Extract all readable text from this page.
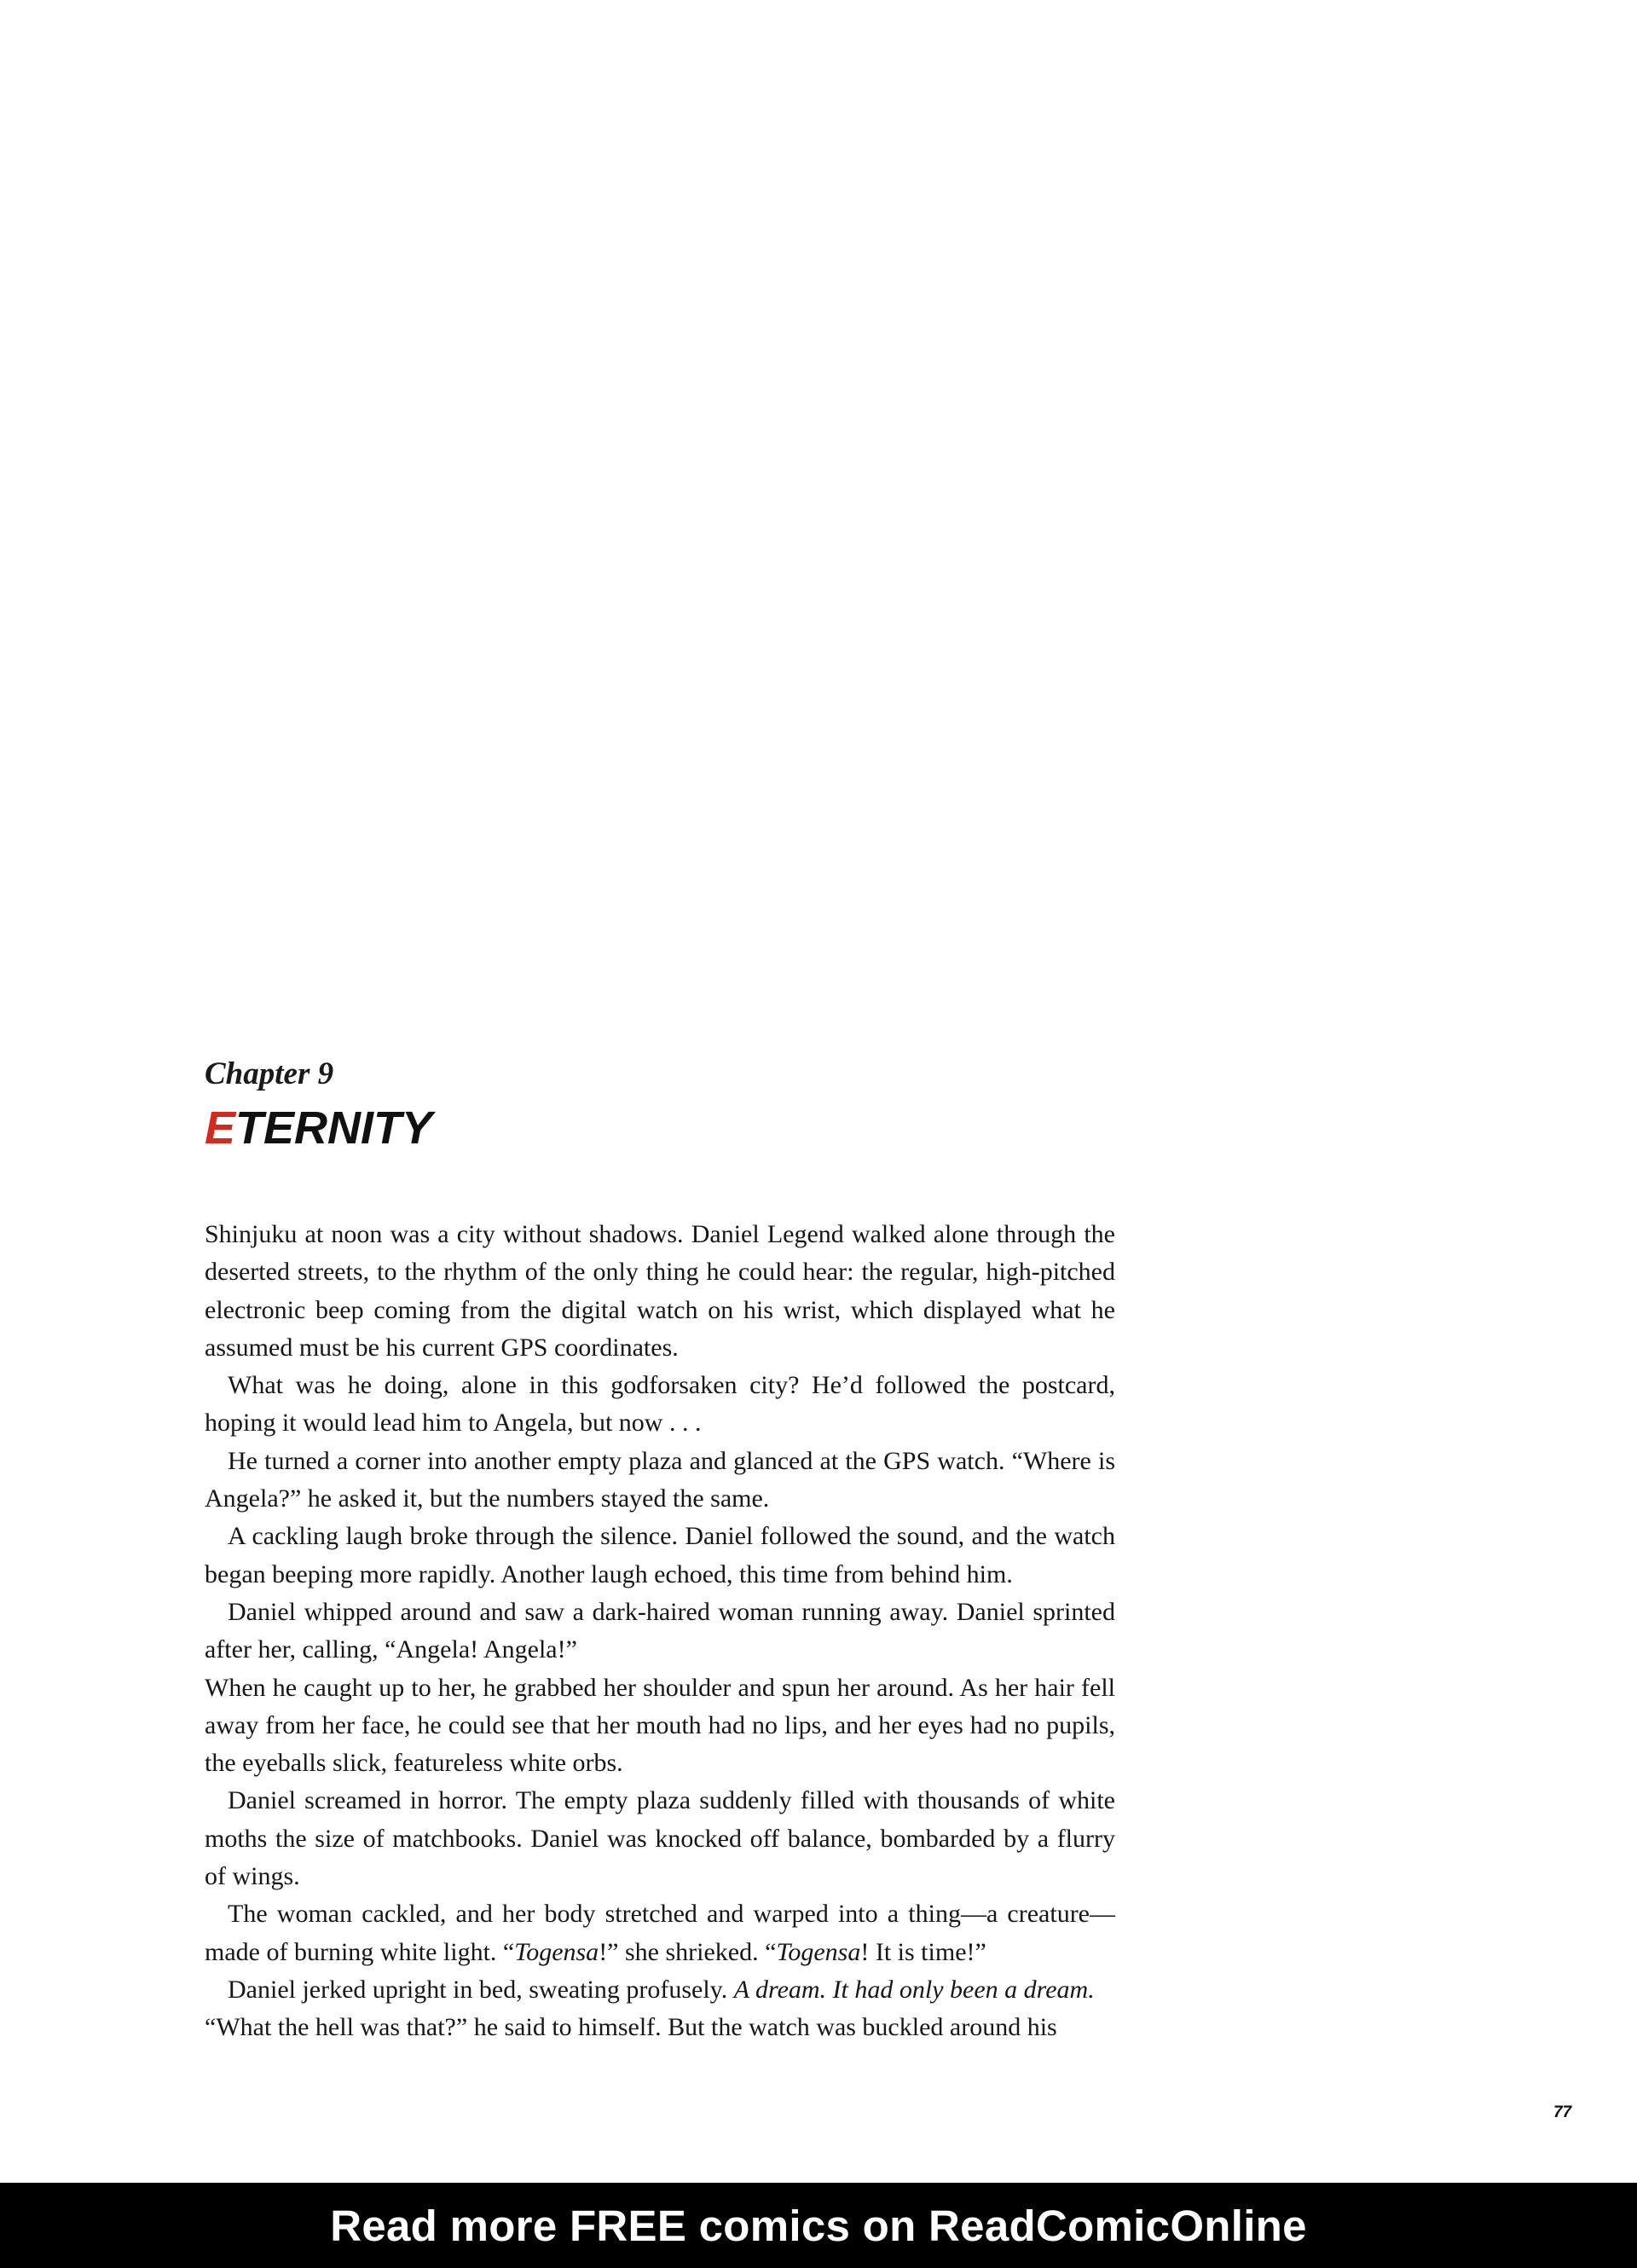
Chapter 9
ETERNITY

Shinjuku at noon was a city without shadows. Daniel Legend walked alone through the deserted streets, to the rhythm of the only thing he could hear: the regular, high-pitched electronic beep coming from the digital watch on his wrist, which displayed what he assumed must be his current GPS coordinates.

What was he doing, alone in this godforsaken city? He’d followed the postcard, hoping it would lead him to Angela, but now . . .

He turned a corner into another empty plaza and glanced at the GPS watch. “Where is Angela?” he asked it, but the numbers stayed the same.

A cackling laugh broke through the silence. Daniel followed the sound, and the watch began beeping more rapidly. Another laugh echoed, this time from behind him.

Daniel whipped around and saw a dark-haired woman running away. Daniel sprinted after her, calling, “Angela! Angela!”

When he caught up to her, he grabbed her shoulder and spun her around. As her hair fell away from her face, he could see that her mouth had no lips, and her eyes had no pupils, the eyeballs slick, featureless white orbs.

Daniel screamed in horror. The empty plaza suddenly filled with thousands of white moths the size of matchbooks. Daniel was knocked off balance, bombarded by a flurry of wings.

The woman cackled, and her body stretched and warped into a thing—a creature—made of burning white light. “Togensa!” she shrieked. “Togensa! It is time!”

Daniel jerked upright in bed, sweating profusely. A dream. It had only been a dream.

“What the hell was that?” he said to himself. But the watch was buckled around his

77
Read more FREE comics on ReadComicOnline
